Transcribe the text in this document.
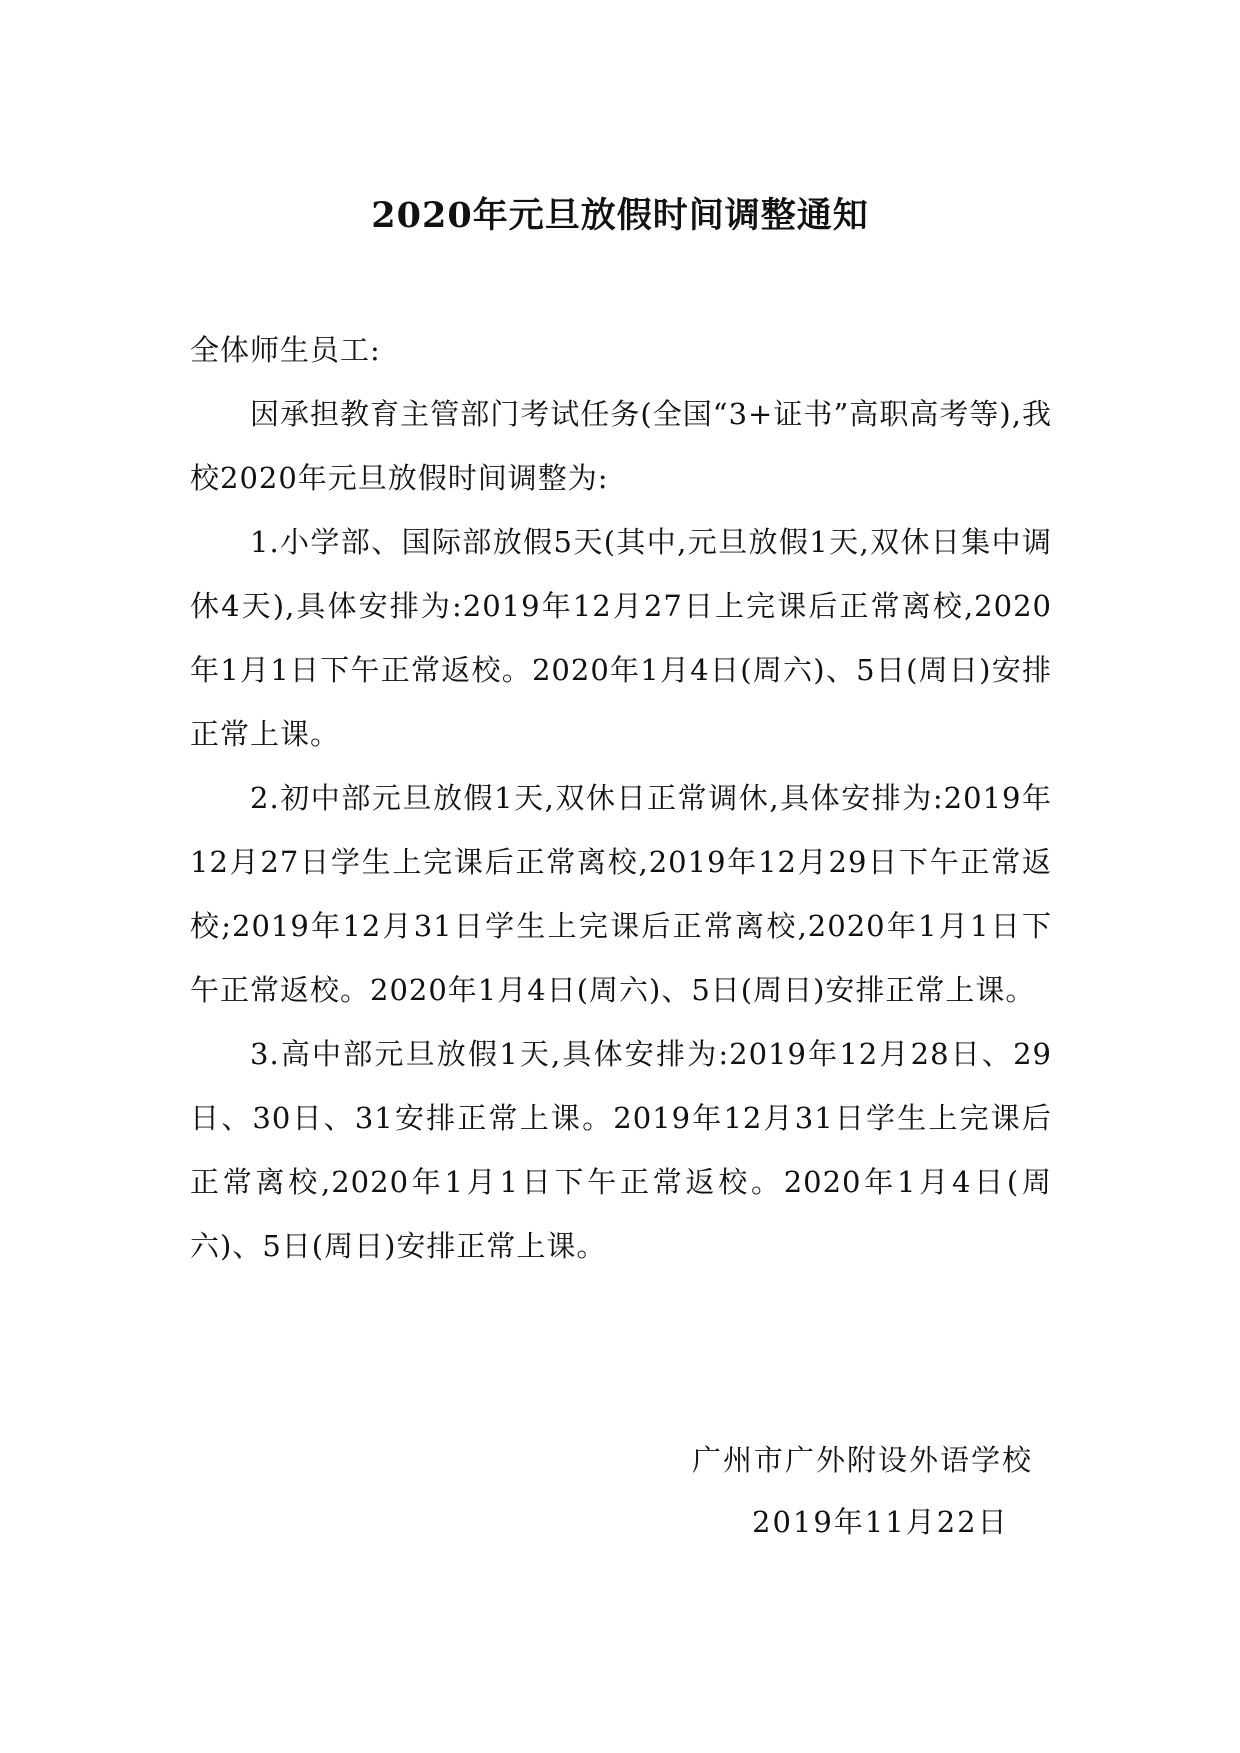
2020年元旦放假时间调整通知

全体师生员工:

因承担教育主管部门考试任务(全国“3+证书”高职高考等),我校2020年元旦放假时间调整为:

1.小学部、国际部放假5天(其中,元旦放假1天,双休日集中调休4天),具体安排为:2019年12月27日上完课后正常离校,2020年1月1日下午正常返校。2020年1月4日(周六)、5日(周日)安排正常上课。

2.初中部元旦放假1天,双休日正常调休,具体安排为:2019年12月27日学生上完课后正常离校,2019年12月29日下午正常返校;2019年12月31日学生上完课后正常离校,2020年1月1日下午正常返校。2020年1月4日(周六)、5日(周日)安排正常上课。

3.高中部元旦放假1天,具体安排为:2019年12月28日、29日、30日、31安排正常上课。2019年12月31日学生上完课后正常离校,2020年1月1日下午正常返校。2020年1月4日(周六)、5日(周日)安排正常上课。

广州市广外附设外语学校
2019年11月22日
